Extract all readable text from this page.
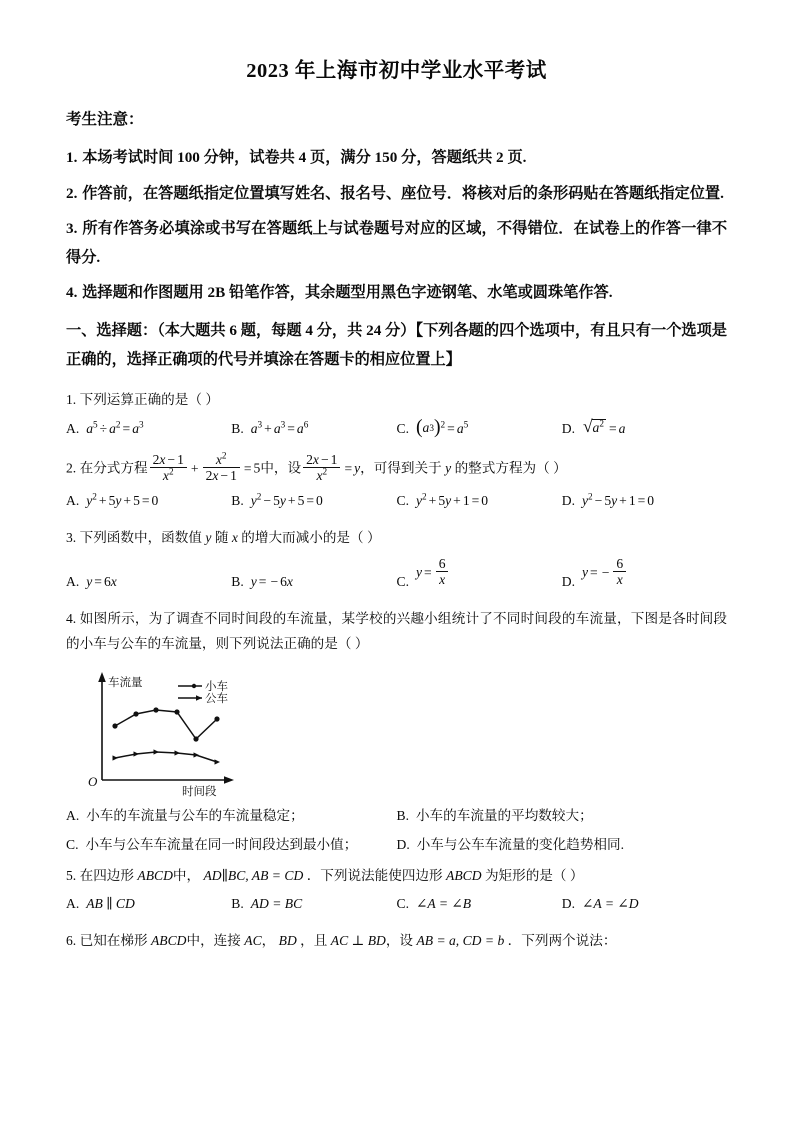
2023 年上海市初中学业水平考试
考生注意：
1. 本场考试时间 100 分钟，试卷共 4 页，满分 150 分，答题纸共 2 页.
2. 作答前，在答题纸指定位置填写姓名、报名号、座位号．将核对后的条形码贴在答题纸指定位置.
3. 所有作答务必填涂或书写在答题纸上与试卷题号对应的区域，不得错位．在试卷上的作答一律不得分.
4. 选择题和作图题用 2B 铅笔作答，其余题型用黑色字迹钢笔、水笔或圆珠笔作答.
一、选择题：（本大题共 6 题，每题 4 分，共 24 分）【下列各题的四个选项中，有且只有一个选项是正确的，选择正确项的代号并填涂在答题卡的相应位置上】
1. 下列运算正确的是（ ）
A. $a^5 \div a^2 = a^3$	B. $a^3 + a^3 = a^6$	C. ( a 3 ) $^2 = a^5$	D. √ $a^2 = a$
2. 在分式方程 $\frac{2x - 1}{x^2} + \frac{x^2}{2x - 1} = 5$中，设 $\frac{2x - 1}{x^2} = y$，可得到关于 y 的整式方程为（ ）
A. $y^2 + 5y + 5 = 0$	B. $y^2 - 5y + 5 = 0$	C. $y^2 + 5y + 1 = 0$	D. $y^2 - 5y + 1 = 0$
3. 下列函数中，函数值 y 随 x 的增大而减小的是（ ）
A. y = 6x	B. y = − 6x	C.
$y = \frac{6}{x}$	D.
y = − $\frac{6}{x}$
4. 如图所示，为了调查不同时间段的车流量，某学校的兴趣小组统计了不同时间段的车流量，下图是各时间段的小车与公车的车流量，则下列说法正确的是（ ）
O
车流量
时间段
小车
公车
A. 小车的车流量与公车的车流量稳定；	B. 小车的车流量的平均数较大；
C. 小车与公车车流量在同一时间段达到最小值；	D. 小车与公车车流量的变化趋势相同.
5. 在四边形 ABCD中， AD∥BC, AB = CD ．下列说法能使四边形 ABCD 为矩形的是（ ）
A. AB ∥ CD	B. AD = BC	C. ∠A = ∠B	D. ∠A = ∠D
6. 已知在梯形 ABCD中，连接 AC， BD ，且 AC ⊥ BD，设 AB = a, CD = b ．下列两个说法：
